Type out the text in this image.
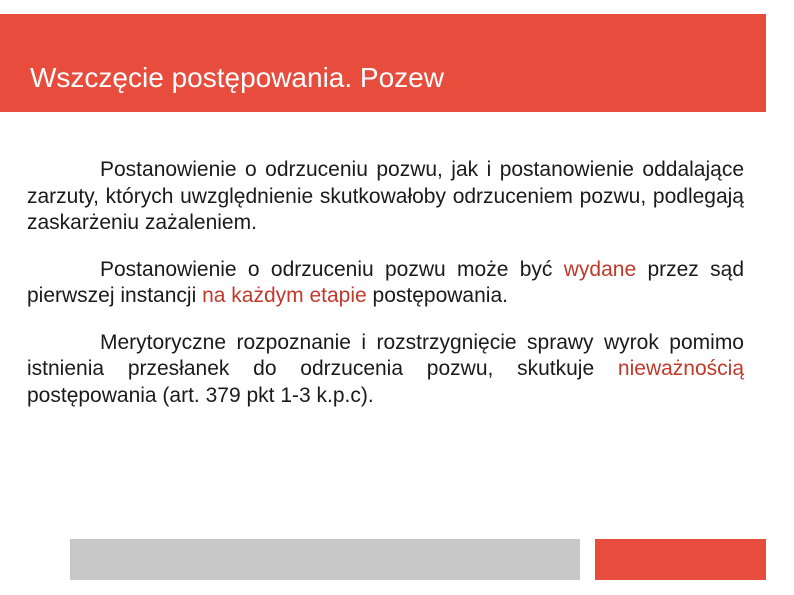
Wszczęcie postępowania. Pozew

Postanowienie o odrzuceniu pozwu, jak i postanowienie oddalające zarzuty, których uwzględnienie skutkowałoby odrzuceniem pozwu, podlegają zaskarżeniu zażaleniem.

Postanowienie o odrzuceniu pozwu może być wydane przez sąd pierwszej instancji na każdym etapie postępowania.

Merytoryczne rozpoznanie i rozstrzygnięcie sprawy wyrok pomimo istnienia przesłanek do odrzucenia pozwu, skutkuje nieważnością postępowania (art. 379 pkt 1-3 k.p.c).
